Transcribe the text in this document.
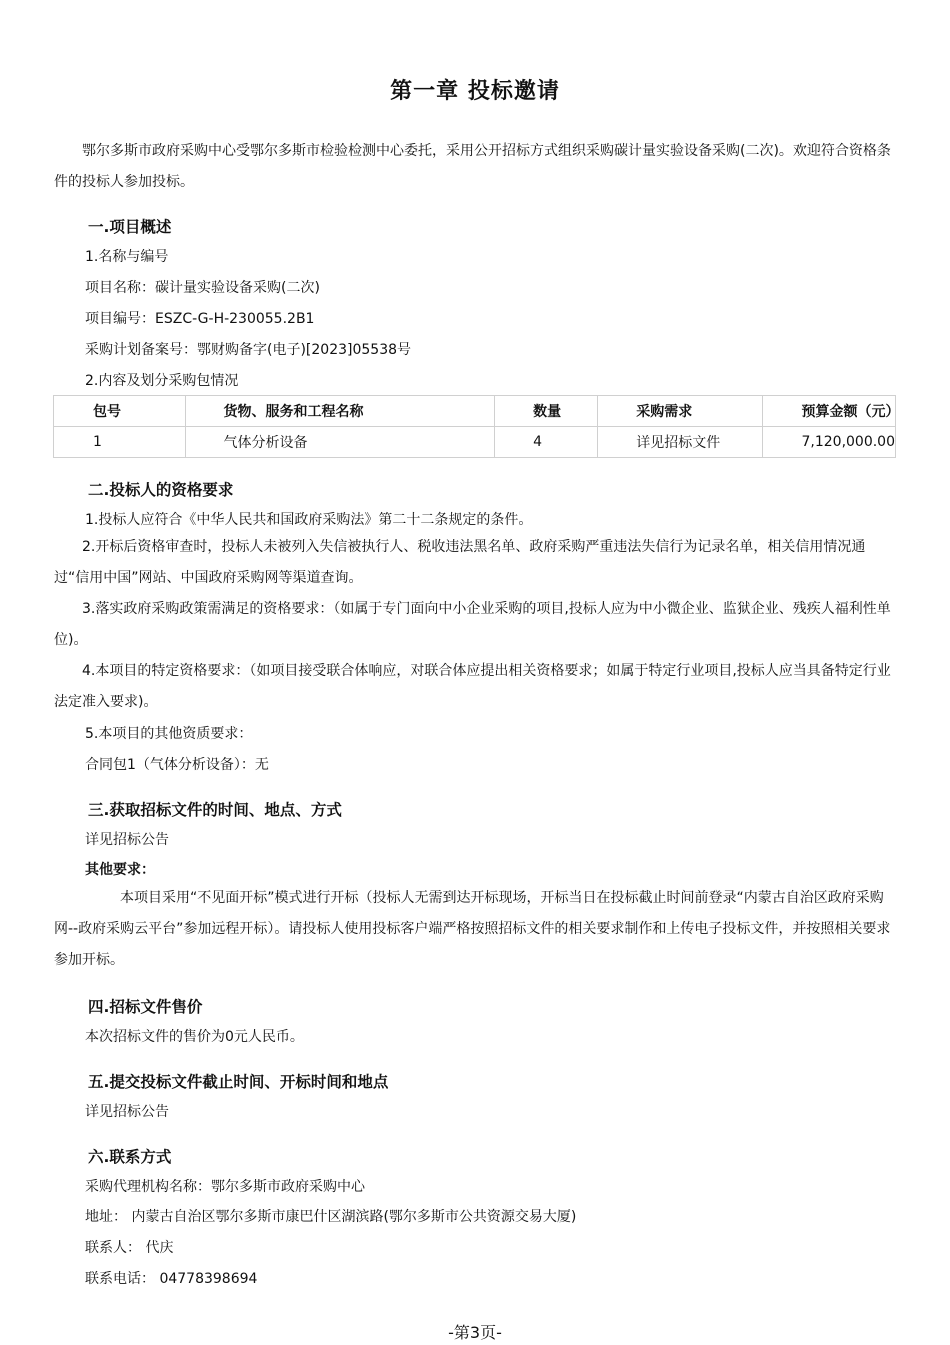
第一章 投标邀请
鄂尔多斯市政府采购中心受鄂尔多斯市检验检测中心委托，采用公开招标方式组织采购碳计量实验设备采购(二次)。欢迎符合资格条件的投标人参加投标。
一.项目概述
1.名称与编号
项目名称：碳计量实验设备采购(二次)
项目编号：ESZC-G-H-230055.2B1
采购计划备案号：鄂财购备字(电子)[2023]05538号
2.内容及划分采购包情况
包号	货物、服务和工程名称	数量	采购需求	预算金额（元）
1	气体分析设备	4	详见招标文件	7,120,000.00
二.投标人的资格要求
1.投标人应符合《中华人民共和国政府采购法》第二十二条规定的条件。
2.开标后资格审查时，投标人未被列入失信被执行人、税收违法黑名单、政府采购严重违法失信行为记录名单，相关信用情况通过“信用中国”网站、中国政府采购网等渠道查询。
3.落实政府采购政策需满足的资格要求：（如属于专门面向中小企业采购的项目,投标人应为中小微企业、监狱企业、残疾人福利性单位)。
4.本项目的特定资格要求：（如项目接受联合体响应，对联合体应提出相关资格要求；如属于特定行业项目,投标人应当具备特定行业法定准入要求)。
5.本项目的其他资质要求：
合同包1（气体分析设备）：无
三.获取招标文件的时间、地点、方式
详见招标公告
其他要求：
本项目采用“不见面开标”模式进行开标（投标人无需到达开标现场，开标当日在投标截止时间前登录“内蒙古自治区政府采购网--政府采购云平台”参加远程开标）。请投标人使用投标客户端严格按照招标文件的相关要求制作和上传电子投标文件，并按照相关要求参加开标。
四.招标文件售价
本次招标文件的售价为0元人民币。
五.提交投标文件截止时间、开标时间和地点
详见招标公告
六.联系方式
采购代理机构名称：鄂尔多斯市政府采购中心
地址： 内蒙古自治区鄂尔多斯市康巴什区湖滨路(鄂尔多斯市公共资源交易大厦)
联系人： 代庆
联系电话： 04778398694
-第3页-
